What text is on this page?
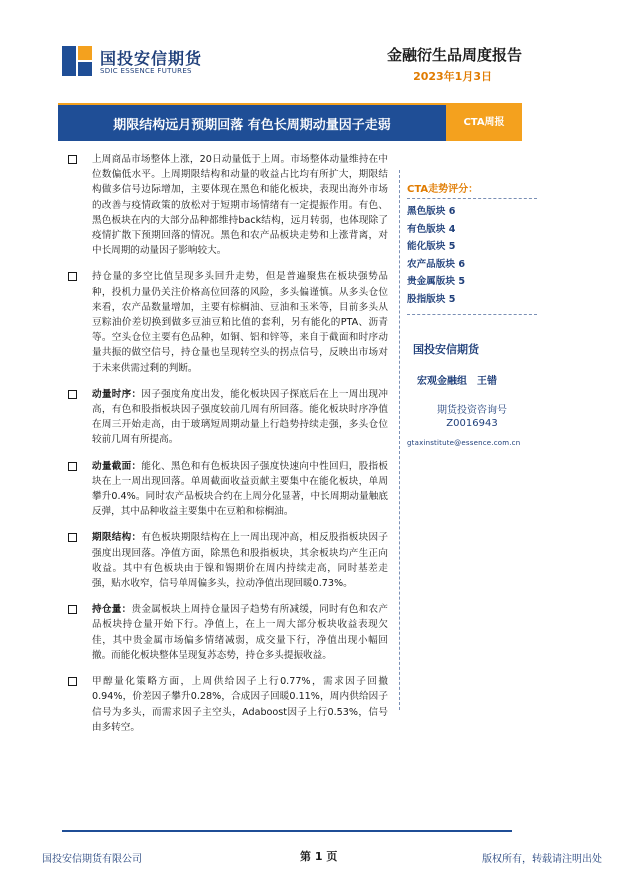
国投安信期货
SDIC ESSENCE FUTURES
金融衍生品周度报告
2023年1月3日
期限结构远月预期回落 有色长周期动量因子走弱	CTA周报
上周商品市场整体上涨，20日动量低于上周。市场整体动量维持在中位数偏低水平。上周期限结构和动量的收益占比均有所扩大，期限结构做多信号边际增加，主要体现在黑色和能化板块，表现出海外市场的改善与疫情政策的放松对于短期市场情绪有一定提振作用。有色、黑色板块在内的大部分品种都维持back结构，远月转弱，也体现除了疫情扩散下预期回落的情况。黑色和农产品板块走势和上涨背离，对中长周期的动量因子影响较大。
持仓量的多空比值呈现多头回升走势，但是普遍聚焦在板块强势品种，投机力量仍关注价格高位回落的风险，多头偏谨慎。从多头仓位来看，农产品数量增加，主要有棕榈油、豆油和玉米等，目前多头从豆粽油价差切换到做多豆油豆粕比值的套利，另有能化的PTA、沥青等。空头仓位主要有色品种，如铜、铝和锌等，来自于截面和时序动量共振的做空信号，持仓量也呈现转空头的拐点信号，反映出市场对于未来供需过剩的判断。
动量时序：因子强度角度出发，能化板块因子探底后在上一周出现冲高，有色和股指板块因子强度较前几周有所回落。能化板块时序净值在周三开始走高，由于玻璃短周期动量上行趋势持续走强，多头仓位较前几周有所提高。
动量截面：能化、黑色和有色板块因子强度快速向中性回归，股指板块在上一周出现回落。单周截面收益贡献主要集中在能化板块，单周攀升0.4%。同时农产品板块合约在上周分化显著，中长周期动量触底反弹，其中品种收益主要集中在豆粕和棕榈油。
期限结构：有色板块期限结构在上一周出现冲高，相反股指板块因子强度出现回落。净值方面，除黑色和股指板块，其余板块均产生正向收益。其中有色板块由于镍和锡期价在周内持续走高，同时基差走强，贴水收窄，信号单周偏多头，拉动净值出现回暖0.73%。
持仓量：贵金属板块上周持仓量因子趋势有所减缓，同时有色和农产品板块持仓量开始下行。净值上，在上一周大部分板块收益表现欠佳，其中贵金属市场偏多情绪减弱，成交量下行，净值出现小幅回撤。而能化板块整体呈现复苏态势，持仓多头提振收益。
甲醇量化策略方面，上周供给因子上行0.77%，需求因子回撤0.94%，价差因子攀升0.28%，合成因子回暖0.11%，周内供给因子信号为多头，而需求因子主空头，Adaboost因子上行0.53%，信号由多转空。
CTA走势评分：
黑色版块 6
有色版块 4
能化版块 5
农产品版块 6
贵金属版块 5
股指版块 5
国投安信期货
宏观金融组　王错
期货投资咨询号
Z0016943
gtaxinstitute@essence.com.cn
国投安信期货有限公司	第 1 页	版权所有，转载请注明出处
